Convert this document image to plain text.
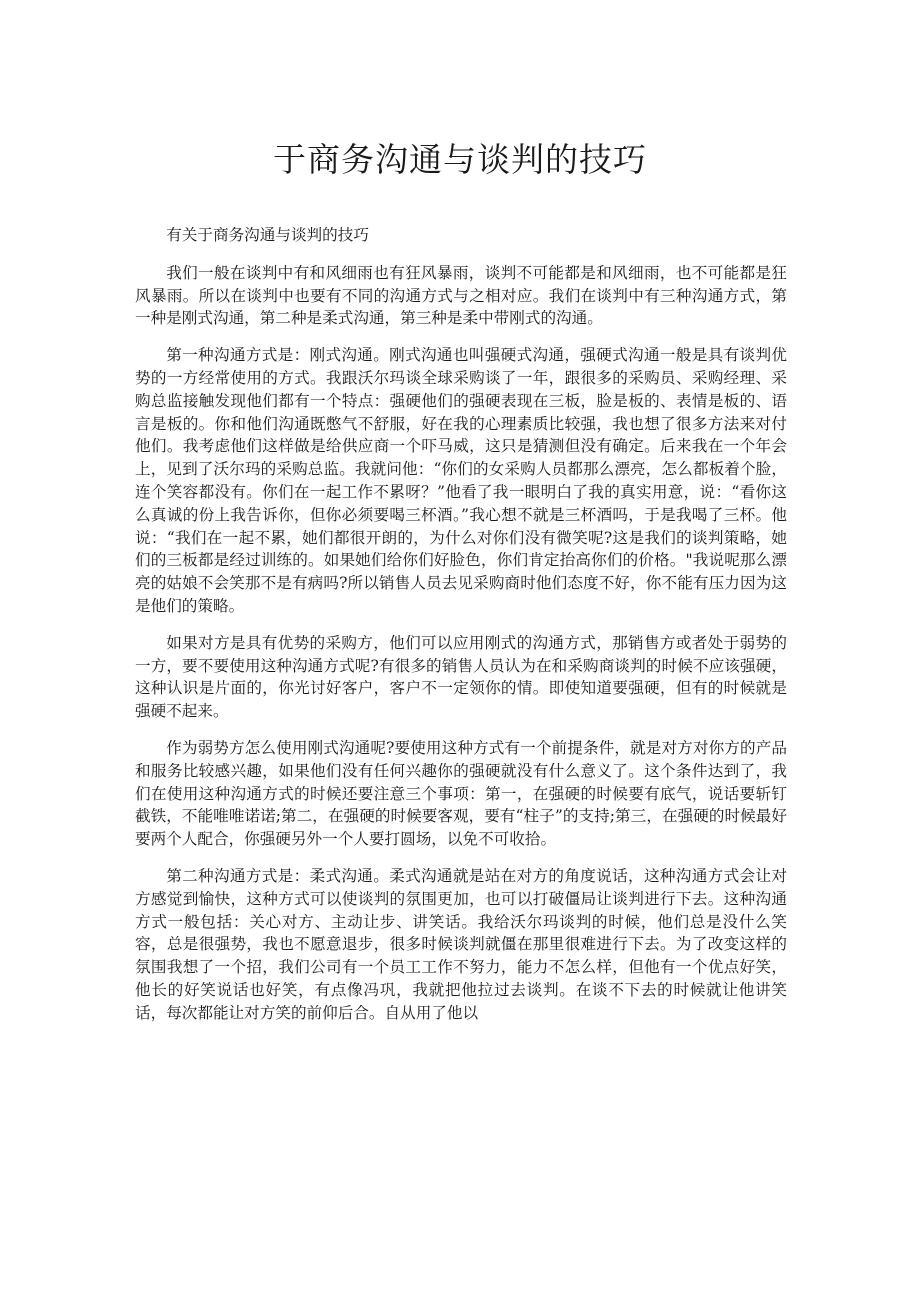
于商务沟通与谈判的技巧

有关于商务沟通与谈判的技巧

我们一般在谈判中有和风细雨也有狂风暴雨，谈判不可能都是和风细雨，也不可能都是狂风暴雨。所以在谈判中也要有不同的沟通方式与之相对应。我们在谈判中有三种沟通方式，第一种是刚式沟通，第二种是柔式沟通，第三种是柔中带刚式的沟通。

第一种沟通方式是：刚式沟通。刚式沟通也叫强硬式沟通，强硬式沟通一般是具有谈判优势的一方经常使用的方式。我跟沃尔玛谈全球采购谈了一年，跟很多的采购员、采购经理、采购总监接触发现他们都有一个特点：强硬他们的强硬表现在三板，脸是板的、表情是板的、语言是板的。你和他们沟通既憋气不舒服，好在我的心理素质比较强，我也想了很多方法来对付他们。我考虑他们这样做是给供应商一个吓马威，这只是猜测但没有确定。后来我在一个年会上，见到了沃尔玛的采购总监。我就问他：“你们的女采购人员都那么漂亮，怎么都板着个脸，连个笑容都没有。你们在一起工作不累呀？”他看了我一眼明白了我的真实用意，说：“看你这么真诚的份上我告诉你，但你必须要喝三杯酒。”我心想不就是三杯酒吗，于是我喝了三杯。他说：“我们在一起不累，她们都很开朗的，为什么对你们没有微笑呢?这是我们的谈判策略，她们的三板都是经过训练的。如果她们给你们好脸色，你们肯定抬高你们的价格。"我说呢那么漂亮的姑娘不会笑那不是有病吗?所以销售人员去见采购商时他们态度不好，你不能有压力因为这是他们的策略。

如果对方是具有优势的采购方，他们可以应用刚式的沟通方式，那销售方或者处于弱势的一方，要不要使用这种沟通方式呢?有很多的销售人员认为在和采购商谈判的时候不应该强硬，这种认识是片面的，你光讨好客户，客户不一定领你的情。即使知道要强硬，但有的时候就是强硬不起来。

作为弱势方怎么使用刚式沟通呢?要使用这种方式有一个前提条件，就是对方对你方的产品和服务比较感兴趣，如果他们没有任何兴趣你的强硬就没有什么意义了。这个条件达到了，我们在使用这种沟通方式的时候还要注意三个事项：第一，在强硬的时候要有底气，说话要斩钉截铁，不能唯唯诺诺;第二，在强硬的时候要客观，要有“柱子”的支持;第三，在强硬的时候最好要两个人配合，你强硬另外一个人要打圆场，以免不可收拾。

第二种沟通方式是：柔式沟通。柔式沟通就是站在对方的角度说话，这种沟通方式会让对方感觉到愉快，这种方式可以使谈判的氛围更加，也可以打破僵局让谈判进行下去。这种沟通方式一般包括：关心对方、主动让步、讲笑话。我给沃尔玛谈判的时候，他们总是没什么笑容，总是很强势，我也不愿意退步，很多时候谈判就僵在那里很难进行下去。为了改变这样的氛围我想了一个招，我们公司有一个员工工作不努力，能力不怎么样，但他有一个优点好笑，他长的好笑说话也好笑，有点像冯巩，我就把他拉过去谈判。在谈不下去的时候就让他讲笑话，每次都能让对方笑的前仰后合。自从用了他以
